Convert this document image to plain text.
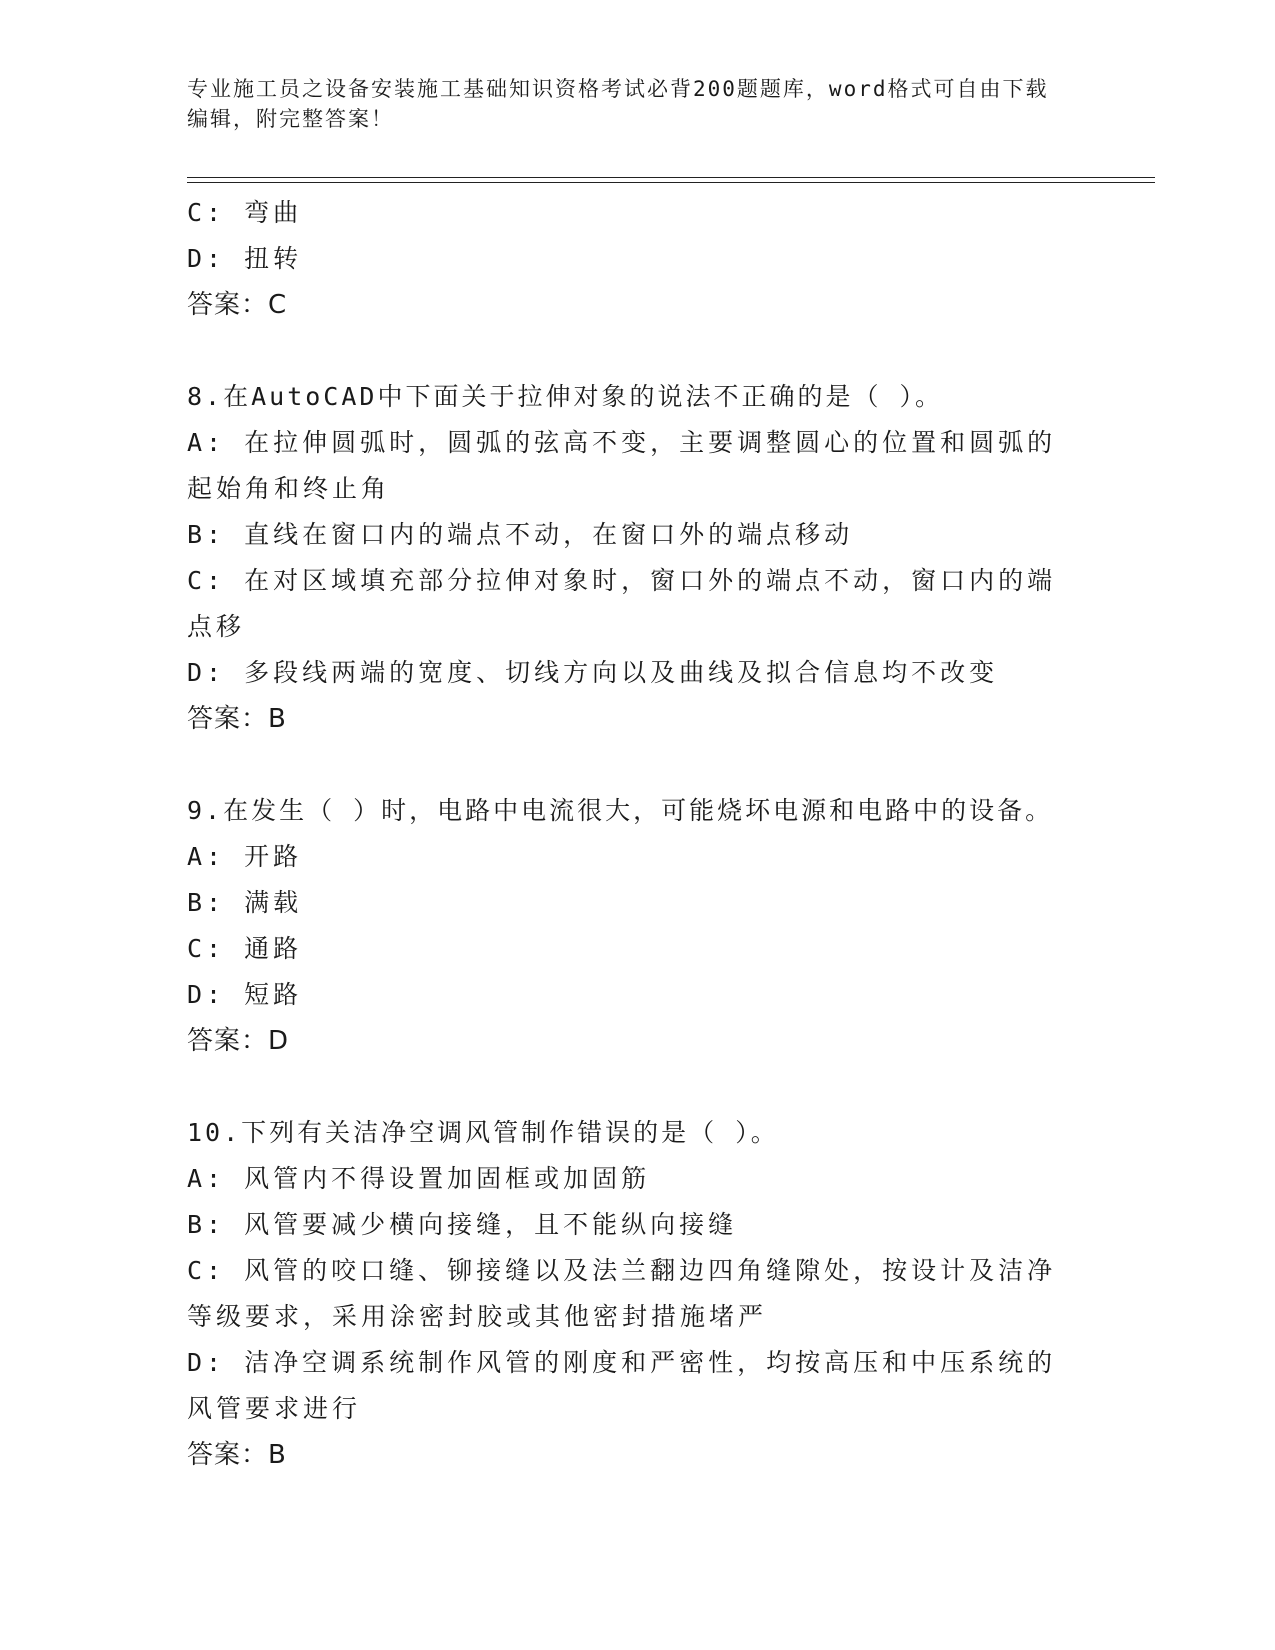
专业施工员之设备安装施工基础知识资格考试必背200题题库，word格式可自由下载编辑，附完整答案！
C: 弯曲
D: 扭转
答案：C
8.在AutoCAD中下面关于拉伸对象的说法不正确的是（ ）。
A: 在拉伸圆弧时，圆弧的弦高不变，主要调整圆心的位置和圆弧的起始角和终止角
B: 直线在窗口内的端点不动，在窗口外的端点移动
C: 在对区域填充部分拉伸对象时，窗口外的端点不动，窗口内的端点移
D: 多段线两端的宽度、切线方向以及曲线及拟合信息均不改变
答案：B
9.在发生（ ）时，电路中电流很大，可能烧坏电源和电路中的设备。
A: 开路
B: 满载
C: 通路
D: 短路
答案：D
10.下列有关洁净空调风管制作错误的是（ ）。
A: 风管内不得设置加固框或加固筋
B: 风管要减少横向接缝，且不能纵向接缝
C: 风管的咬口缝、铆接缝以及法兰翻边四角缝隙处，按设计及洁净等级要求，采用涂密封胶或其他密封措施堵严
D: 洁净空调系统制作风管的刚度和严密性，均按高压和中压系统的风管要求进行
答案：B
